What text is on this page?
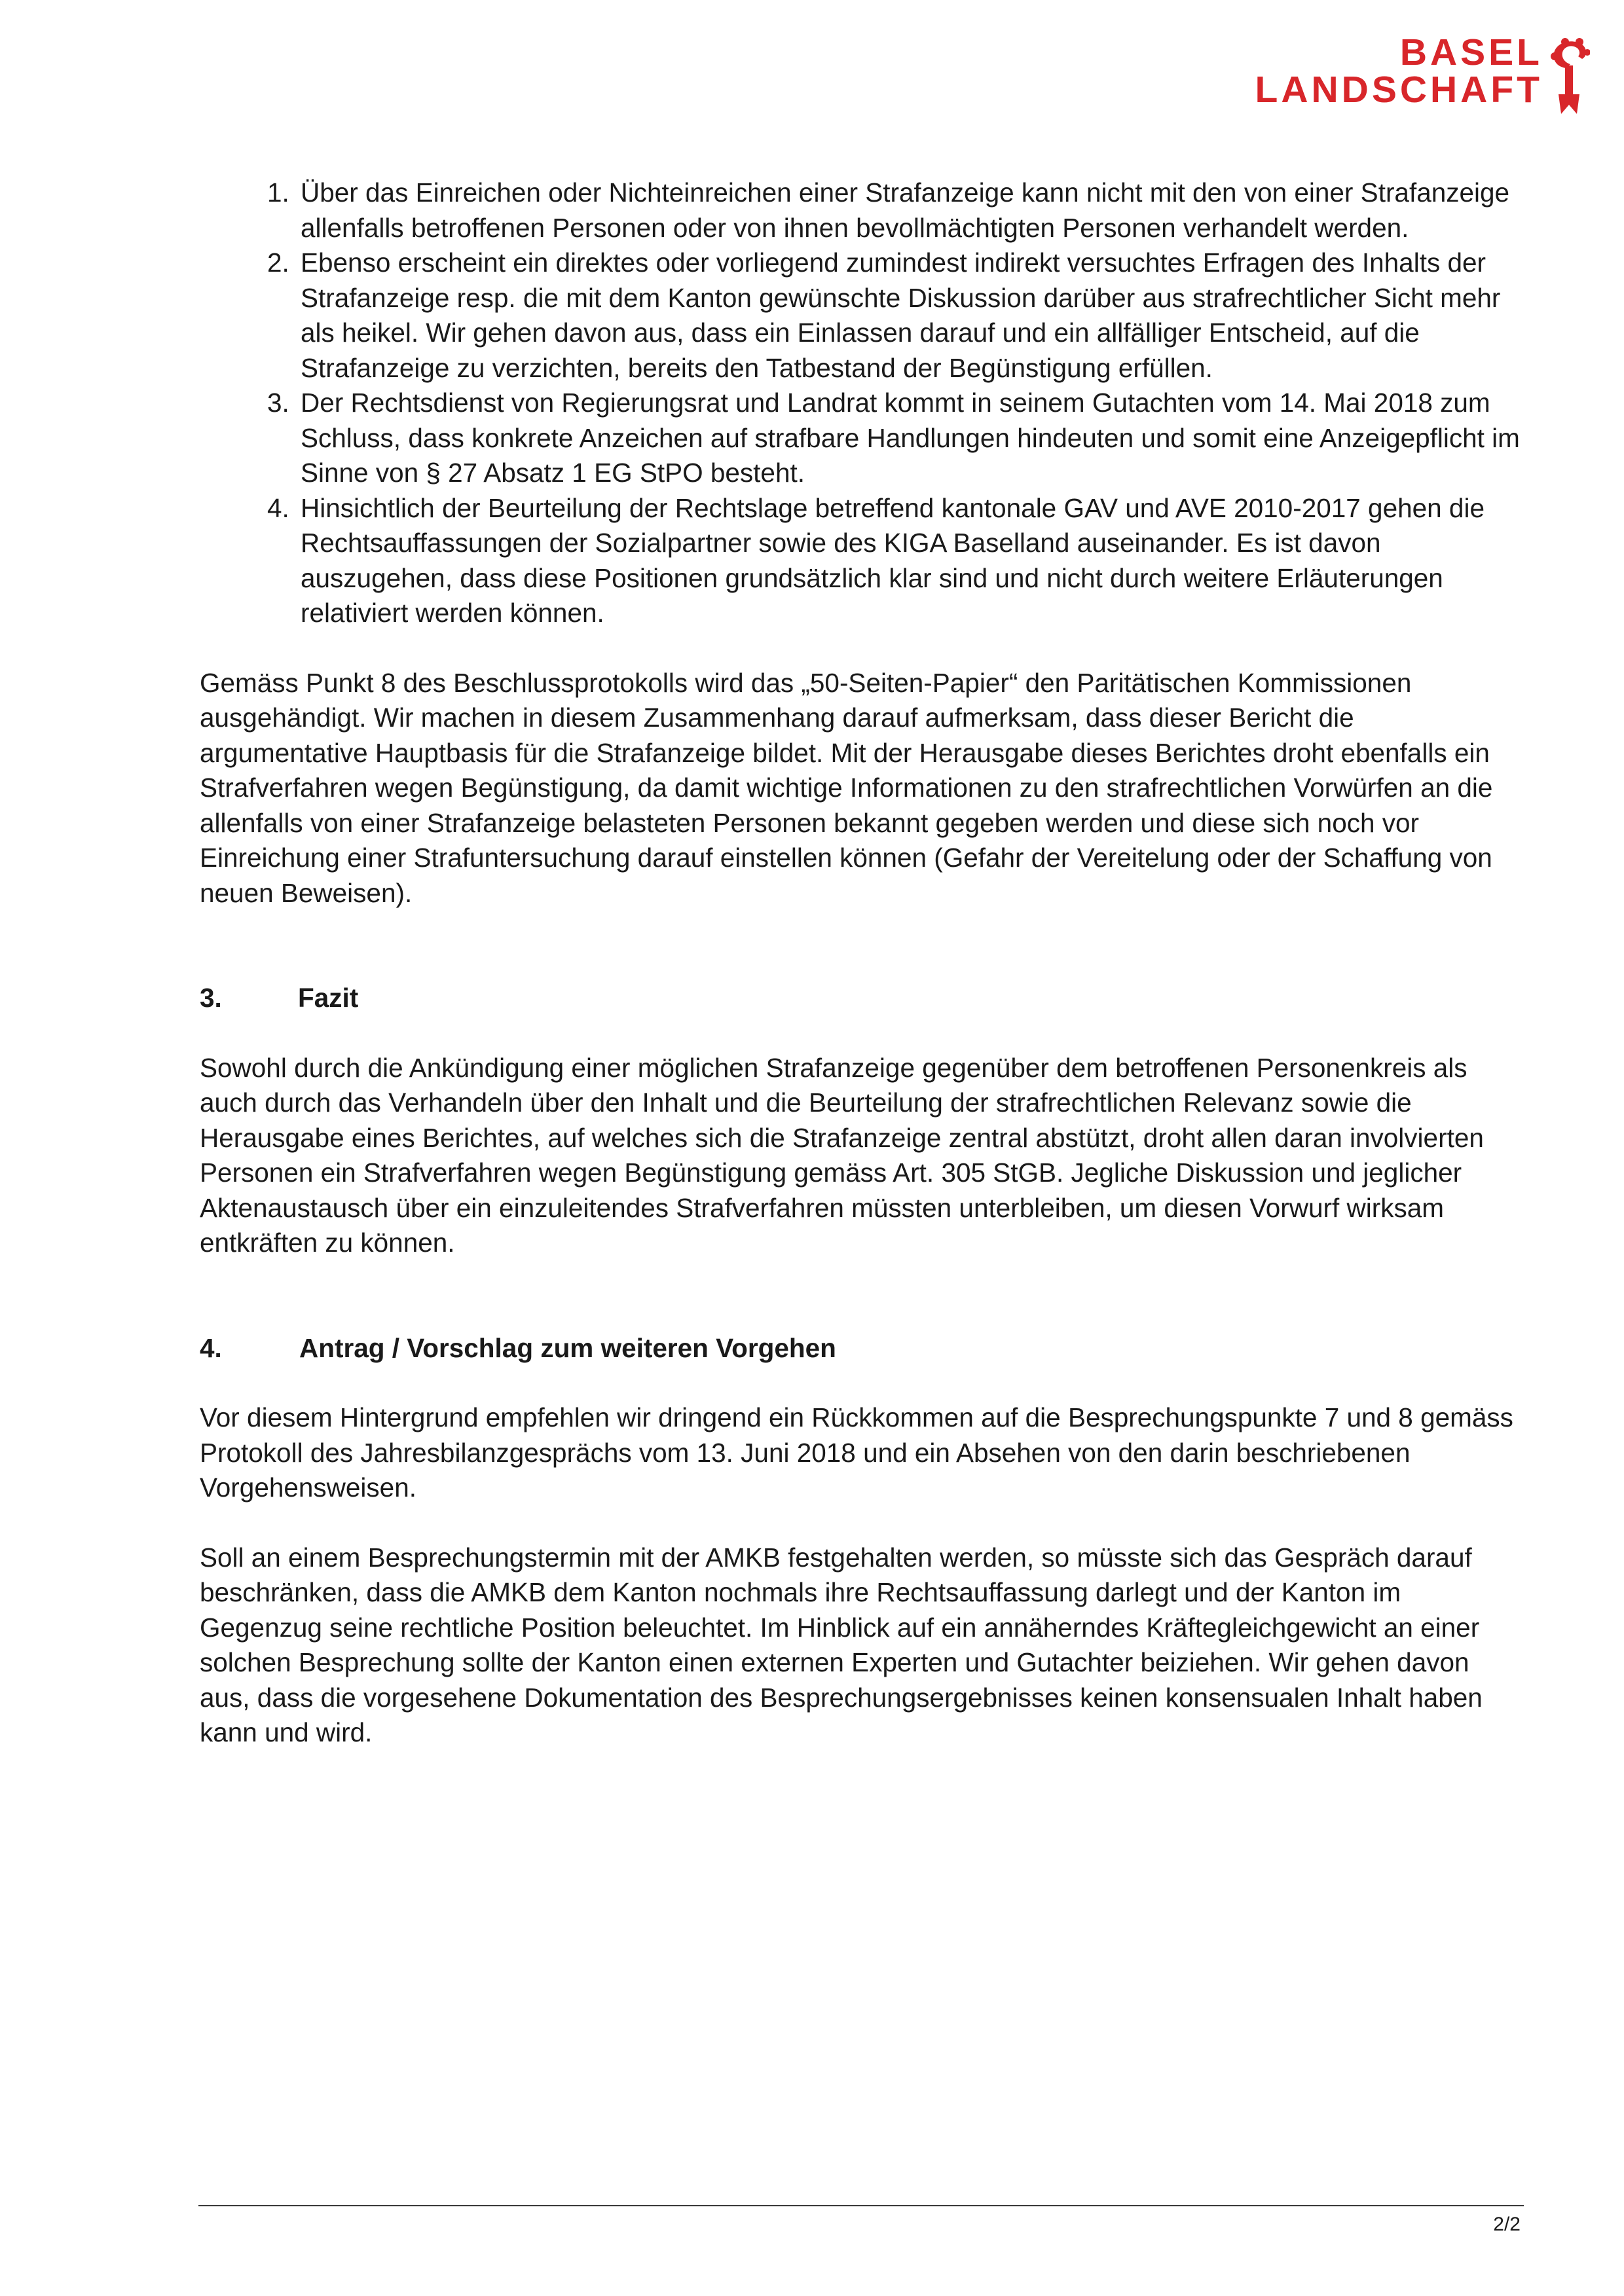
BASEL
LANDSCHAFT
1. Über das Einreichen oder Nichteinreichen einer Strafanzeige kann nicht mit den von einer Strafanzeige allenfalls betroffenen Personen oder von ihnen bevollmächtigten Personen verhandelt werden.
2. Ebenso erscheint ein direktes oder vorliegend zumindest indirekt versuchtes Erfragen des Inhalts der Strafanzeige resp. die mit dem Kanton gewünschte Diskussion darüber aus strafrechtlicher Sicht mehr als heikel. Wir gehen davon aus, dass ein Einlassen darauf und ein allfälliger Entscheid, auf die Strafanzeige zu verzichten, bereits den Tatbestand der Begünstigung erfüllen.
3. Der Rechtsdienst von Regierungsrat und Landrat kommt in seinem Gutachten vom 14. Mai 2018 zum Schluss, dass konkrete Anzeichen auf strafbare Handlungen hindeuten und somit eine Anzeigepflicht im Sinne von § 27 Absatz 1 EG StPO besteht.
4. Hinsichtlich der Beurteilung der Rechtslage betreffend kantonale GAV und AVE 2010-2017 gehen die Rechtsauffassungen der Sozialpartner sowie des KIGA Baselland auseinander. Es ist davon auszugehen, dass diese Positionen grundsätzlich klar sind und nicht durch weitere Erläuterungen relativiert werden können.

Gemäss Punkt 8 des Beschlussprotokolls wird das „50-Seiten-Papier“ den Paritätischen Kommissionen ausgehändigt. Wir machen in diesem Zusammenhang darauf aufmerksam, dass dieser Bericht die argumentative Hauptbasis für die Strafanzeige bildet. Mit der Herausgabe dieses Berichtes droht ebenfalls ein Strafverfahren wegen Begünstigung, da damit wichtige Informationen zu den strafrechtlichen Vorwürfen an die allenfalls von einer Strafanzeige belasteten Personen bekannt gegeben werden und diese sich noch vor Einreichung einer Strafuntersuchung darauf einstellen können (Gefahr der Vereitelung oder der Schaffung von neuen Beweisen).

3.	Fazit

Sowohl durch die Ankündigung einer möglichen Strafanzeige gegenüber dem betroffenen Personenkreis als auch durch das Verhandeln über den Inhalt und die Beurteilung der strafrechtlichen Relevanz sowie die Herausgabe eines Berichtes, auf welches sich die Strafanzeige zentral abstützt, droht allen daran involvierten Personen ein Strafverfahren wegen Begünstigung gemäss Art. 305 StGB. Jegliche Diskussion und jeglicher Aktenaustausch über ein einzuleitendes Strafverfahren müssten unterbleiben, um diesen Vorwurf wirksam entkräften zu können.

4.	Antrag / Vorschlag zum weiteren Vorgehen

Vor diesem Hintergrund empfehlen wir dringend ein Rückkommen auf die Besprechungspunkte 7 und 8 gemäss Protokoll des Jahresbilanzgesprächs vom 13. Juni 2018 und ein Absehen von den darin beschriebenen Vorgehensweisen.

Soll an einem Besprechungstermin mit der AMKB festgehalten werden, so müsste sich das Gespräch darauf beschränken, dass die AMKB dem Kanton nochmals ihre Rechtsauffassung darlegt und der Kanton im Gegenzug seine rechtliche Position beleuchtet. Im Hinblick auf ein annäherndes Kräftegleichgewicht an einer solchen Besprechung sollte der Kanton einen externen Experten und Gutachter beiziehen. Wir gehen davon aus, dass die vorgesehene Dokumentation des Besprechungsergebnisses keinen konsensualen Inhalt haben kann und wird.

2/2
